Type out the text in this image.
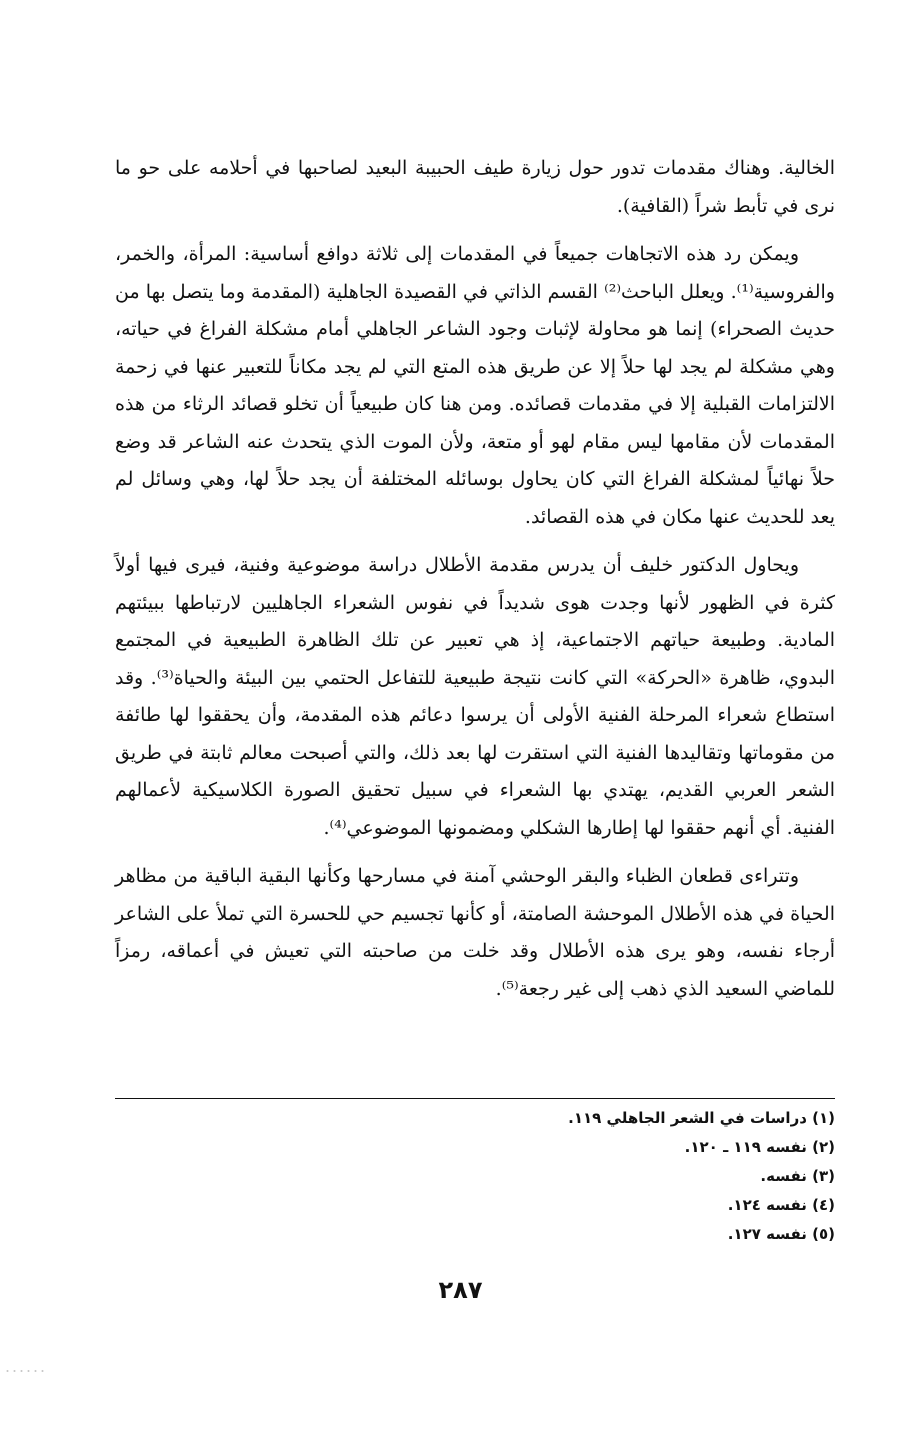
الخالية. وهناك مقدمات تدور حول زيارة طيف الحبيبة البعيد لصاحبها في أحلامه على حو ما نرى في تأبط شراً (القافية).

ويمكن رد هذه الاتجاهات جميعاً في المقدمات إلى ثلاثة دوافع أساسية: المرأة، والخمر، والفروسية⁽¹⁾. ويعلل الباحث⁽²⁾ القسم الذاتي في القصيدة الجاهلية (المقدمة وما يتصل بها من حديث الصحراء) إنما هو محاولة لإثبات وجود الشاعر الجاهلي أمام مشكلة الفراغ في حياته، وهي مشكلة لم يجد لها حلاً إلا عن طريق هذه المتع التي لم يجد مكاناً للتعبير عنها في زحمة الالتزامات القبلية إلا في مقدمات قصائده. ومن هنا كان طبيعياً أن تخلو قصائد الرثاء من هذه المقدمات لأن مقامها ليس مقام لهو أو متعة، ولأن الموت الذي يتحدث عنه الشاعر قد وضع حلاً نهائياً لمشكلة الفراغ التي كان يحاول بوسائله المختلفة أن يجد حلاً لها، وهي وسائل لم يعد للحديث عنها مكان في هذه القصائد.

ويحاول الدكتور خليف أن يدرس مقدمة الأطلال دراسة موضوعية وفنية، فيرى فيها أولاً كثرة في الظهور لأنها وجدت هوى شديداً في نفوس الشعراء الجاهليين لارتباطها ببيئتهم المادية. وطبيعة حياتهم الاجتماعية، إذ هي تعبير عن تلك الظاهرة الطبيعية في المجتمع البدوي، ظاهرة «الحركة» التي كانت نتيجة طبيعية للتفاعل الحتمي بين البيئة والحياة⁽³⁾. وقد استطاع شعراء المرحلة الفنية الأولى أن يرسوا دعائم هذه المقدمة، وأن يحققوا لها طائفة من مقوماتها وتقاليدها الفنية التي استقرت لها بعد ذلك، والتي أصبحت معالم ثابتة في طريق الشعر العربي القديم، يهتدي بها الشعراء في سبيل تحقيق الصورة الكلاسيكية لأعمالهم الفنية. أي أنهم حققوا لها إطارها الشكلي ومضمونها الموضوعي⁽⁴⁾.

وتتراءى قطعان الظباء والبقر الوحشي آمنة في مسارحها وكأنها البقية الباقية من مظاهر الحياة في هذه الأطلال الموحشة الصامتة، أو كأنها تجسيم حي للحسرة التي تملأ على الشاعر أرجاء نفسه، وهو يرى هذه الأطلال وقد خلت من صاحبته التي تعيش في أعماقه، رمزاً للماضي السعيد الذي ذهب إلى غير رجعة⁽⁵⁾.

(١) دراسات في الشعر الجاهلي ١١٩.
(٢) نفسه ١١٩ ـ ١٢٠.
(٣) نفسه.
(٤) نفسه ١٢٤.
(٥) نفسه ١٢٧.
٢٨٧
